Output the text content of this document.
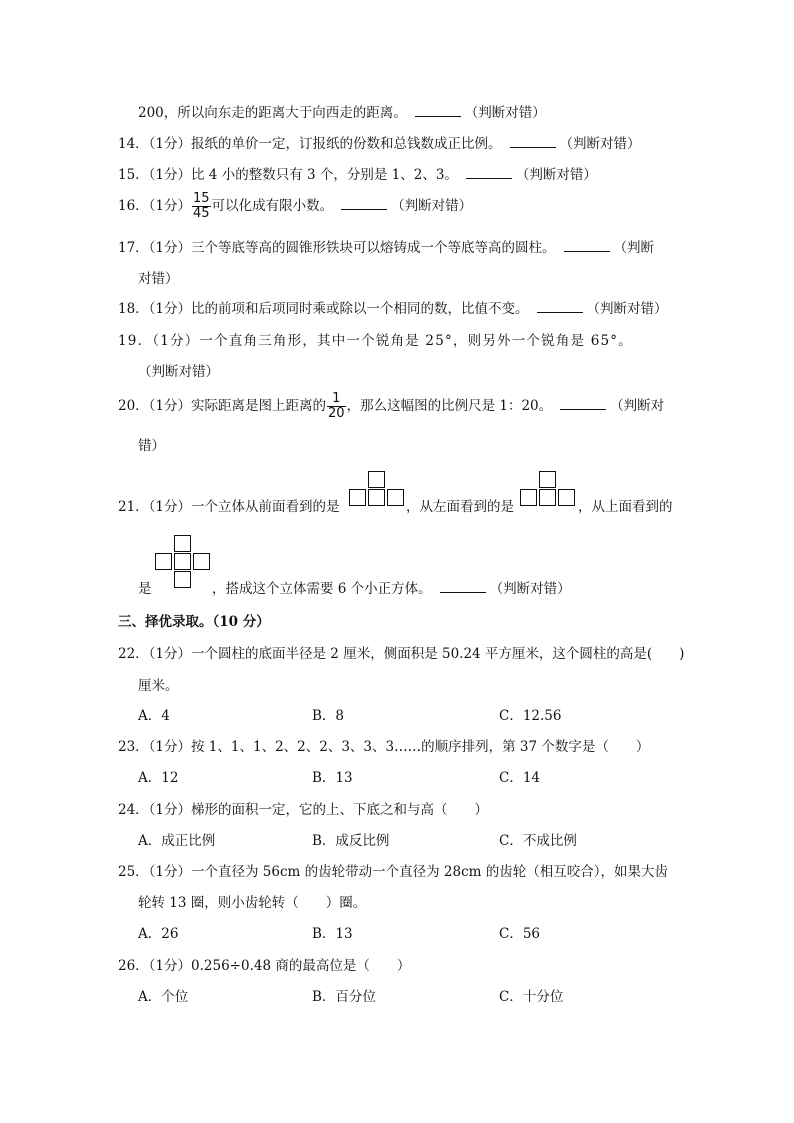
200，所以向东走的距离大于向西走的距离。	（判断对错）
14．（1分）报纸的单价一定，订报纸的份数和总钱数成正比例。	（判断对错）
15．（1分）比 4 小的整数只有 3 个，分别是 1、2、3。	（判断对错）
16．（1分） $\frac{15}{45}$ 可以化成有限小数。	（判断对错）
17．（1分）三个等底等高的圆锥形铁块可以熔铸成一个等底等高的圆柱。	（判断
对错）
18．（1分）比的前项和后项同时乘或除以一个相同的数，比值不变。	（判断对错）
19．（1分）一个直角三角形，其中一个锐角是 25°，则另外一个锐角是 65°。
（判断对错）
20．（1分）实际距离是图上距离的 $\frac{1}{20}$ ，那么这幅图的比例尺是 1：20。	（判断对
错）
21．（1分）一个立体从前面看到的是	，从左面看到的是	，从上面看到的
是	，搭成这个立体需要 6 个小正方体。	（判断对错）
三、择优录取。（10 分）
22．（1分）一个圆柱的底面半径是 2 厘米，侧面积是 50.24 平方厘米，这个圆柱的高是(　　)
厘米。
A．4	B．8	C．12.56
23．（1分）按 1、1、1、2、2、2、3、3、3……的顺序排列，第 37 个数字是（　　）
A．12	B．13	C．14
24．（1分）梯形的面积一定，它的上、下底之和与高（　　）
A．成正比例	B．成反比例	C．不成比例
25．（1分）一个直径为 56cm 的齿轮带动一个直径为 28cm 的齿轮（相互咬合），如果大齿
轮转 13 圈，则小齿轮转（　　）圈。
A．26	B．13	C．56
26．（1分）0.256÷0.48 商的最高位是（　　）
A．个位	B．百分位	C．十分位
